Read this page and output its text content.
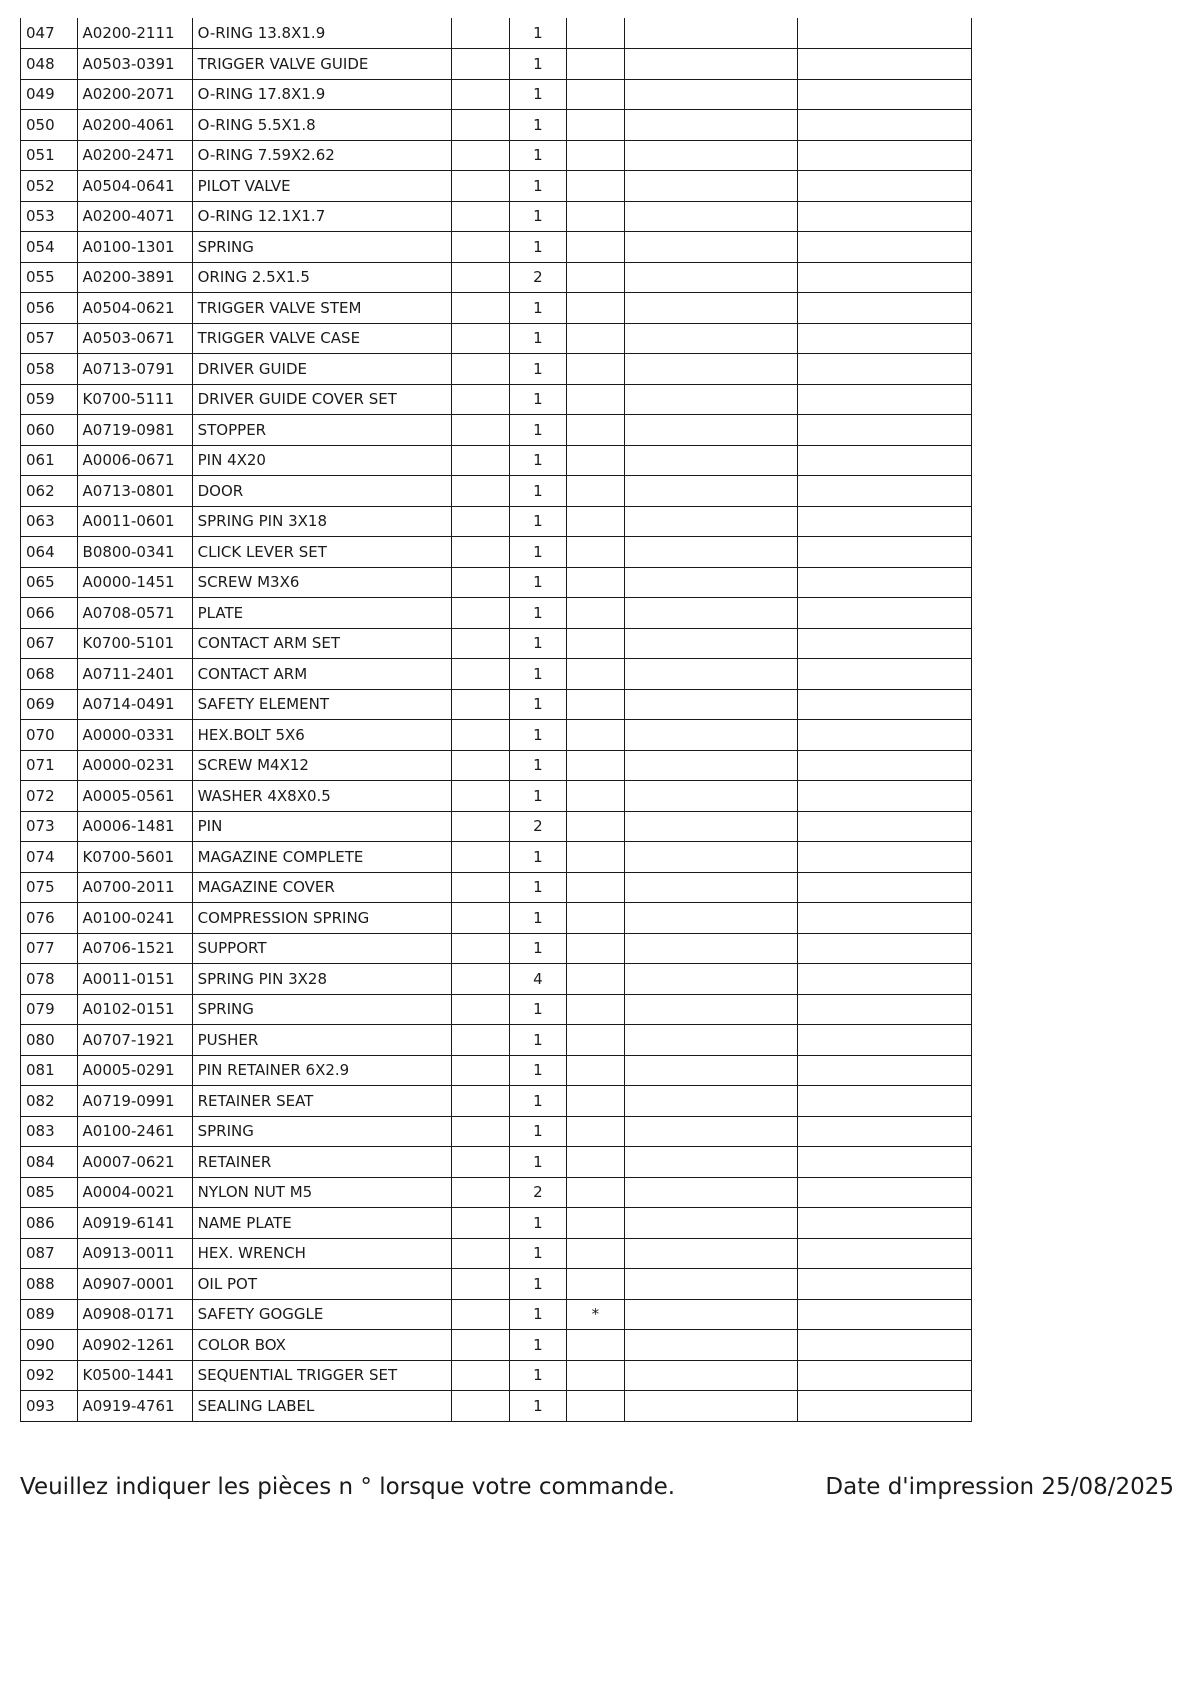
047	A0200-2111	O-RING 13.8X1.9		1			
048	A0503-0391	TRIGGER VALVE GUIDE		1			
049	A0200-2071	O-RING 17.8X1.9		1			
050	A0200-4061	O-RING 5.5X1.8		1			
051	A0200-2471	O-RING 7.59X2.62		1			
052	A0504-0641	PILOT VALVE		1			
053	A0200-4071	O-RING 12.1X1.7		1			
054	A0100-1301	SPRING		1			
055	A0200-3891	ORING 2.5X1.5		2			
056	A0504-0621	TRIGGER VALVE STEM		1			
057	A0503-0671	TRIGGER VALVE CASE		1			
058	A0713-0791	DRIVER GUIDE		1			
059	K0700-5111	DRIVER GUIDE COVER SET		1			
060	A0719-0981	STOPPER		1			
061	A0006-0671	PIN 4X20		1			
062	A0713-0801	DOOR		1			
063	A0011-0601	SPRING PIN 3X18		1			
064	B0800-0341	CLICK LEVER SET		1			
065	A0000-1451	SCREW M3X6		1			
066	A0708-0571	PLATE		1			
067	K0700-5101	CONTACT ARM SET		1			
068	A0711-2401	CONTACT ARM		1			
069	A0714-0491	SAFETY ELEMENT		1			
070	A0000-0331	HEX.BOLT 5X6		1			
071	A0000-0231	SCREW M4X12		1			
072	A0005-0561	WASHER 4X8X0.5		1			
073	A0006-1481	PIN		2			
074	K0700-5601	MAGAZINE COMPLETE		1			
075	A0700-2011	MAGAZINE COVER		1			
076	A0100-0241	COMPRESSION SPRING		1			
077	A0706-1521	SUPPORT		1			
078	A0011-0151	SPRING PIN 3X28		4			
079	A0102-0151	SPRING		1			
080	A0707-1921	PUSHER		1			
081	A0005-0291	PIN RETAINER 6X2.9		1			
082	A0719-0991	RETAINER SEAT		1			
083	A0100-2461	SPRING		1			
084	A0007-0621	RETAINER		1			
085	A0004-0021	NYLON NUT M5		2			
086	A0919-6141	NAME PLATE		1			
087	A0913-0011	HEX. WRENCH		1			
088	A0907-0001	OIL POT		1			
089	A0908-0171	SAFETY GOGGLE		1	*		
090	A0902-1261	COLOR BOX		1			
092	K0500-1441	SEQUENTIAL TRIGGER SET		1			
093	A0919-4761	SEALING LABEL		1			
Veuillez indiquer les pièces n ° lorsque votre commande.	Date d'impression 25/08/2025
